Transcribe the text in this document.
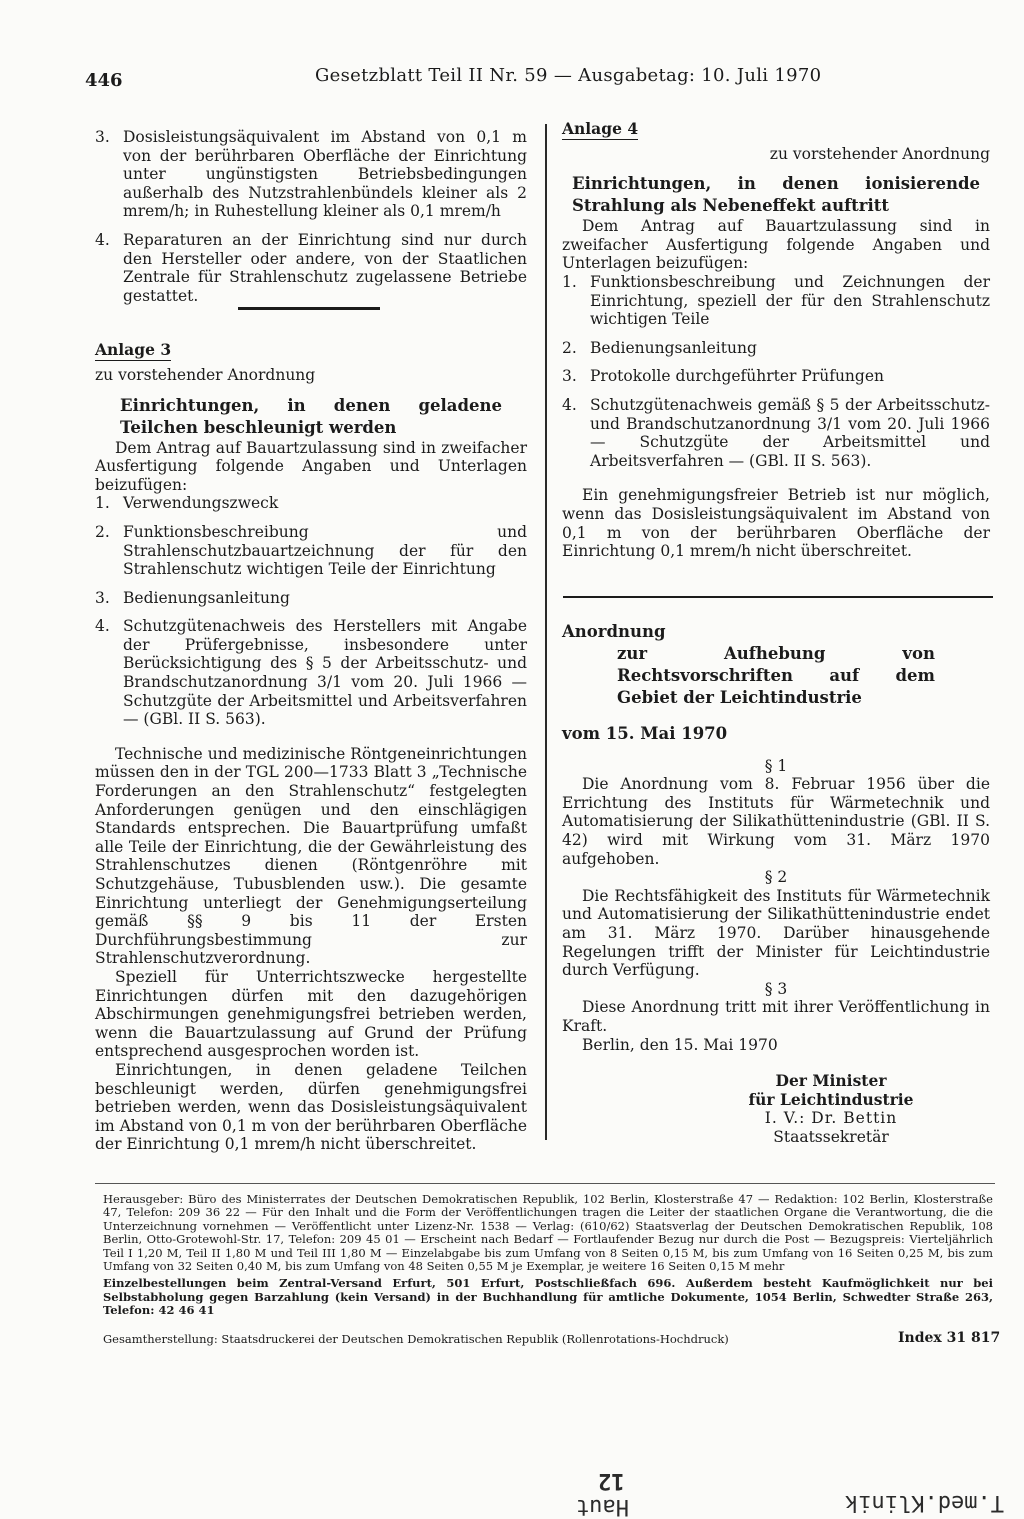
446	Gesetzblatt Teil II Nr. 59 — Ausgabetag: 10. Juli 1970
3. Dosisleistungsäquivalent im Abstand von 0,1 m von der berührbaren Oberfläche der Einrichtung unter ungünstigsten Betriebsbedingungen außerhalb des Nutzstrahlenbündels kleiner als 2 mrem/h; in Ruhestellung kleiner als 0,1 mrem/h
4. Reparaturen an der Einrichtung sind nur durch den Hersteller oder andere, von der Staatlichen Zentrale für Strahlenschutz zugelassene Betriebe gestattet.

Anlage 3

zu vorstehender Anordnung

Einrichtungen, in denen geladene Teilchen beschleunigt werden

Dem Antrag auf Bauartzulassung sind in zweifacher Ausfertigung folgende Angaben und Unterlagen beizufügen:

1. Verwendungszweck
2. Funktionsbeschreibung und Strahlenschutzbauartzeichnung der für den Strahlenschutz wichtigen Teile der Einrichtung
3. Bedienungsanleitung
4. Schutzgütenachweis des Herstellers mit Angabe der Prüfergebnisse, insbesondere unter Berücksichtigung des § 5 der Arbeitsschutz- und Brandschutzanordnung 3/1 vom 20. Juli 1966 — Schutzgüte der Arbeitsmittel und Arbeitsverfahren — (GBl. II S. 563).

Technische und medizinische Röntgeneinrichtungen müssen den in der TGL 200—1733 Blatt 3 „Technische Forderungen an den Strahlenschutz“ festgelegten Anforderungen genügen und den einschlägigen Standards entsprechen. Die Bauartprüfung umfaßt alle Teile der Einrichtung, die der Gewährleistung des Strahlenschutzes dienen (Röntgenröhre mit Schutzgehäuse, Tubusblenden usw.). Die gesamte Einrichtung unterliegt der Genehmigungserteilung gemäß §§ 9 bis 11 der Ersten Durchführungsbestimmung zur Strahlenschutzverordnung.

Speziell für Unterrichtszwecke hergestellte Einrichtungen dürfen mit den dazugehörigen Abschirmungen genehmigungsfrei betrieben werden, wenn die Bauartzulassung auf Grund der Prüfung entsprechend ausgesprochen worden ist.

Einrichtungen, in denen geladene Teilchen beschleunigt werden, dürfen genehmigungsfrei betrieben werden, wenn das Dosisleistungsäquivalent im Abstand von 0,1 m von der berührbaren Oberfläche der Einrichtung 0,1 mrem/h nicht überschreitet.

Anlage 4

zu vorstehender Anordnung

Einrichtungen, in denen ionisierende Strahlung als Nebeneffekt auftritt

Dem Antrag auf Bauartzulassung sind in zweifacher Ausfertigung folgende Angaben und Unterlagen beizufügen:

1. Funktionsbeschreibung und Zeichnungen der Einrichtung, speziell der für den Strahlenschutz wichtigen Teile
2. Bedienungsanleitung
3. Protokolle durchgeführter Prüfungen
4. Schutzgütenachweis gemäß § 5 der Arbeitsschutz- und Brandschutzanordnung 3/1 vom 20. Juli 1966 — Schutzgüte der Arbeitsmittel und Arbeitsverfahren — (GBl. II S. 563).

Ein genehmigungsfreier Betrieb ist nur möglich, wenn das Dosisleistungsäquivalent im Abstand von 0,1 m von der berührbaren Oberfläche der Einrichtung 0,1 mrem/h nicht überschreitet.

Anordnung

zur Aufhebung von Rechtsvorschriften auf dem Gebiet der Leichtindustrie

vom 15. Mai 1970

§ 1

Die Anordnung vom 8. Februar 1956 über die Errichtung des Instituts für Wärmetechnik und Automatisierung der Silikathüttenindustrie (GBl. II S. 42) wird mit Wirkung vom 31. März 1970 aufgehoben.

§ 2

Die Rechtsfähigkeit des Instituts für Wärmetechnik und Automatisierung der Silikathüttenindustrie endet am 31. März 1970. Darüber hinausgehende Regelungen trifft der Minister für Leichtindustrie durch Verfügung.

§ 3

Diese Anordnung tritt mit ihrer Veröffentlichung in Kraft.

Berlin, den 15. Mai 1970

Der Minister

für Leichtindustrie

I. V.: Dr. Bettin

Staatssekretär

Herausgeber: Büro des Ministerrates der Deutschen Demokratischen Republik, 102 Berlin, Klosterstraße 47 — Redaktion: 102 Berlin, Klosterstraße 47, Telefon: 209 36 22 — Für den Inhalt und die Form der Veröffentlichungen tragen die Leiter der staatlichen Organe die Verantwortung, die die Unterzeichnung vornehmen — Veröffentlicht unter Lizenz-Nr. 1538 — Verlag: (610/62) Staatsverlag der Deutschen Demokratischen Republik, 108 Berlin, Otto-Grotewohl-Str. 17, Telefon: 209 45 01 — Erscheint nach Bedarf — Fortlaufender Bezug nur durch die Post — Bezugspreis: Vierteljährlich Teil I 1,20 M, Teil II 1,80 M und Teil III 1,80 M — Einzelabgabe bis zum Umfang von 8 Seiten 0,15 M, bis zum Umfang von 16 Seiten 0,25 M, bis zum Umfang von 32 Seiten 0,40 M, bis zum Umfang von 48 Seiten 0,55 M je Exemplar, je weitere 16 Seiten 0,15 M mehr

Einzelbestellungen beim Zentral-Versand Erfurt, 501 Erfurt, Postschließfach 696. Außerdem besteht Kaufmöglichkeit nur bei Selbstabholung gegen Barzahlung (kein Versand) in der Buchhandlung für amtliche Dokumente, 1054 Berlin, Schwedter Straße 263, Telefon: 42 46 41

Gesamtherstellung: Staatsdruckerei der Deutschen Demokratischen Republik (Rollenrotations-Hochdruck)	Index 31 817
12
Haut	T.med.Klinik
